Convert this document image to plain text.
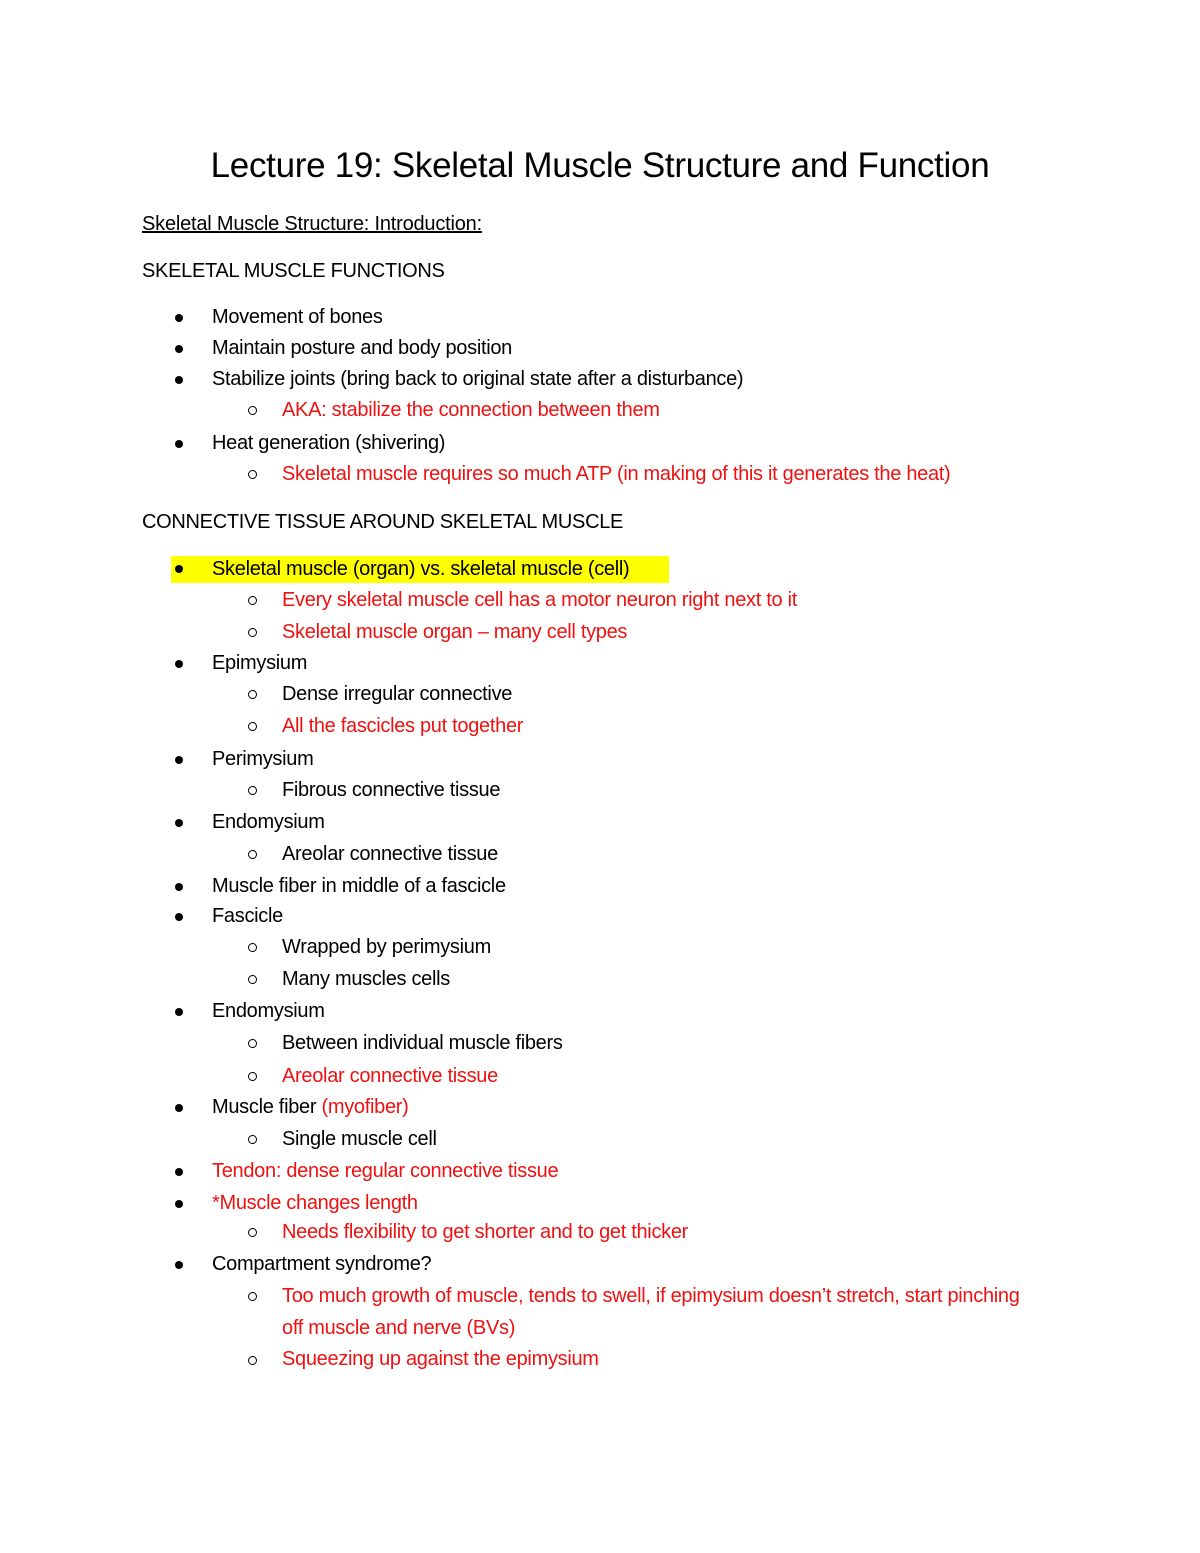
Lecture 19: Skeletal Muscle Structure and Function
Skeletal Muscle Structure: Introduction:
SKELETAL MUSCLE FUNCTIONS
Movement of bones
Maintain posture and body position
Stabilize joints (bring back to original state after a disturbance)
AKA: stabilize the connection between them
Heat generation (shivering)
Skeletal muscle requires so much ATP (in making of this it generates the heat)
CONNECTIVE TISSUE AROUND SKELETAL MUSCLE
Skeletal muscle (organ) vs. skeletal muscle (cell)
Every skeletal muscle cell has a motor neuron right next to it
Skeletal muscle organ – many cell types
Epimysium
Dense irregular connective
All the fascicles put together
Perimysium
Fibrous connective tissue
Endomysium
Areolar connective tissue
Muscle fiber in middle of a fascicle
Fascicle
Wrapped by perimysium
Many muscles cells
Endomysium
Between individual muscle fibers
Areolar connective tissue
Muscle fiber (myofiber)
Single muscle cell
Tendon: dense regular connective tissue
*Muscle changes length
Needs flexibility to get shorter and to get thicker
Compartment syndrome?
Too much growth of muscle, tends to swell, if epimysium doesn’t stretch, start pinching off muscle and nerve (BVs)
Squeezing up against the epimysium
